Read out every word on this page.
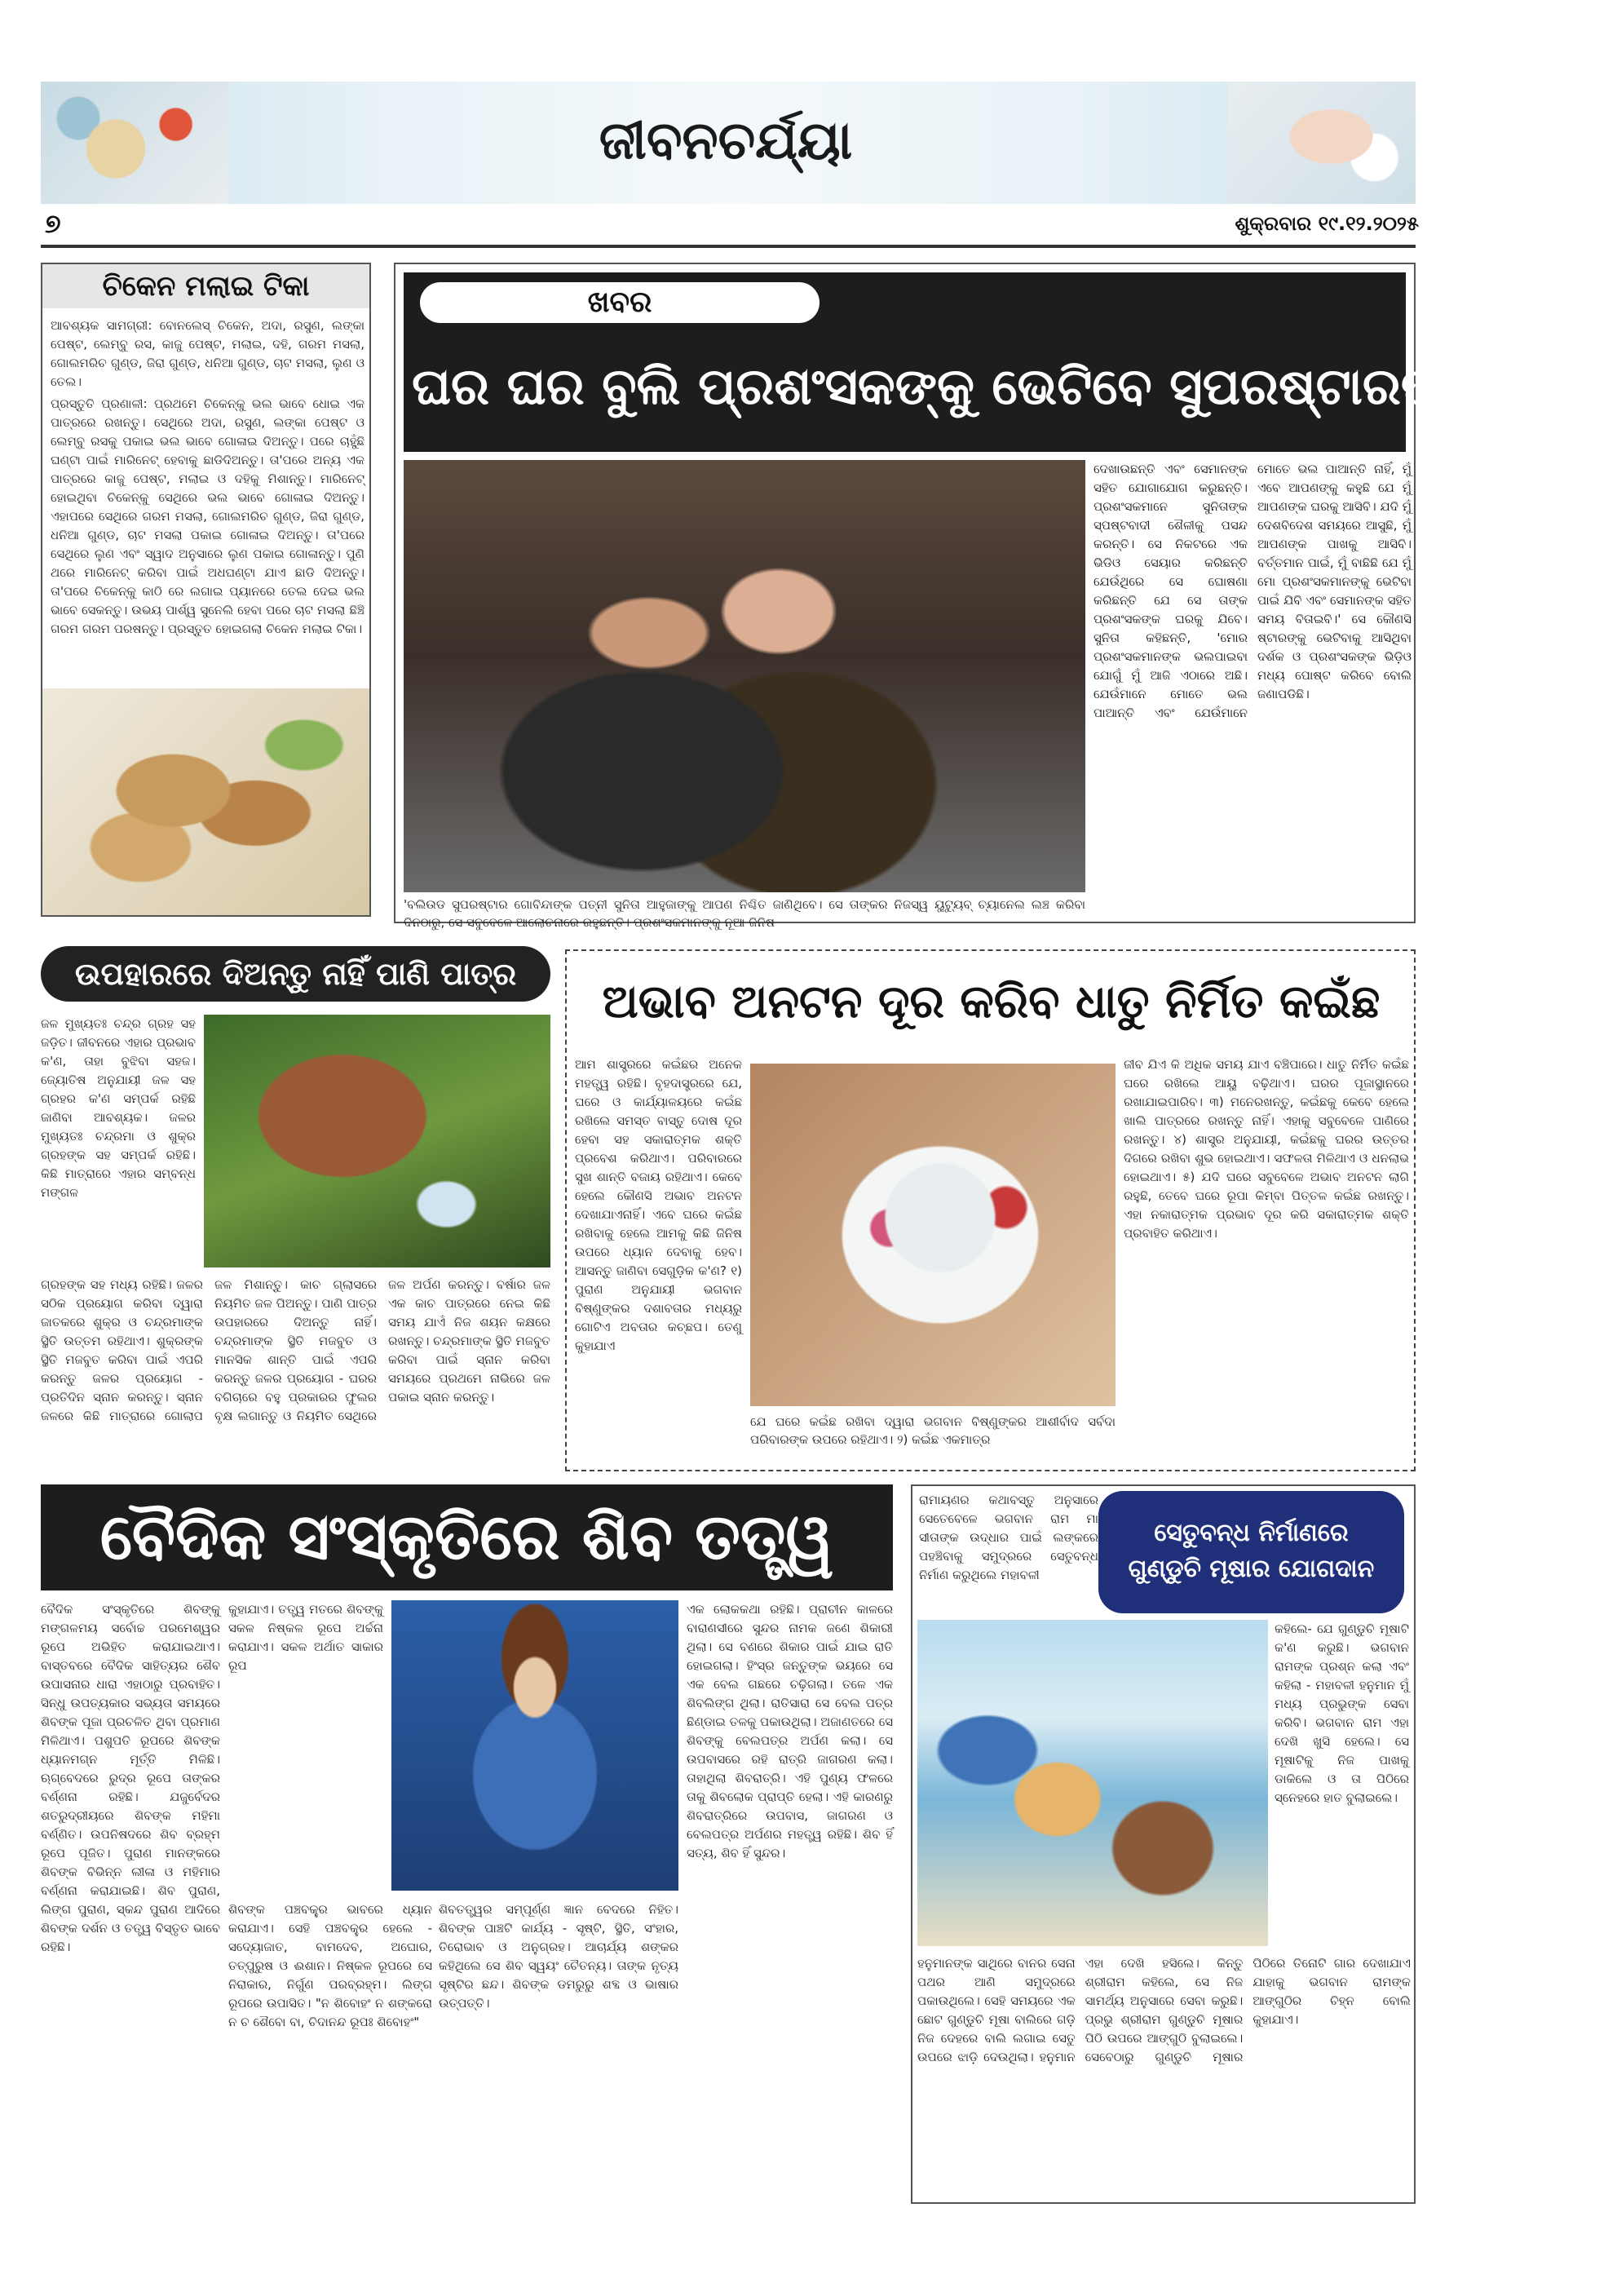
ଜୀବନଚର୍ଯ୍ୟା
୭	ଶୁକ୍ରବାର ୧୯.୧୨.୨୦୨୫
ଚିକେନ ମଲାଇ ଟିକା
ଆବଶ୍ୟକ ସାମଗ୍ରୀ: ବୋନଲେସ୍ ଚିକେନ, ଅଦା, ରସୁଣ, ଲଙ୍କା ପେଷ୍ଟ, ଲେମ୍ବୁ ରସ, କାଜୁ ପେଷ୍ଟ, ମଲାଇ, ଦହି, ଗରମ ମସଲା, ଗୋଲମରିଚ ଗୁଣ୍ଡ, ଜିରା ଗୁଣ୍ଡ, ଧନିଆ ଗୁଣ୍ଡ, ଚାଟ ମସଲା, ଲୁଣ ଓ ତେଲ।
ପ୍ରସ୍ତୁତି ପ୍ରଣାଳୀ: ପ୍ରଥମେ ଚିକେନ୍‌କୁ ଭଲ ଭାବେ ଧୋଇ ଏକ ପାତ୍ରରେ ରଖନ୍ତୁ। ସେଥିରେ ଅଦା, ରସୁଣ, ଲଙ୍କା ପେଷ୍ଟ ଓ ଲେମ୍ବୁ ରସକୁ ପକାଇ ଭଲ ଭାବେ ଗୋଳାଇ ଦିଅନ୍ତୁ। ପରେ ଚାହୁଁଛି ଘଣ୍ଟା ପାଇଁ ମାରିନେଟ୍ ହେବାକୁ ଛାଡିଦିଅନ୍ତୁ। ତା'ପରେ ଅନ୍ୟ ଏକ ପାତ୍ରରେ କାଜୁ ପେଷ୍ଟ, ମଲାଇ ଓ ଦହିକୁ ମିଶାନ୍ତୁ। ମାରିନେଟ୍ ହୋଇଥିବା ଚିକେନ୍‌କୁ ସେଥିରେ ଭଲ ଭାବେ ଗୋଳାଇ ଦିଅନ୍ତୁ। ଏହାପରେ ସେଥିରେ ଗରମ ମସଲା, ଗୋଲମରିଚ ଗୁଣ୍ଡ, ଜିରା ଗୁଣ୍ଡ, ଧନିଆ ଗୁଣ୍ଡ, ଚାଟ ମସଲା ପକାଇ ଗୋଳାଇ ଦିଅନ୍ତୁ। ତା'ପରେ ସେଥିରେ ଲୁଣ ଏବଂ ସ୍ୱାଦ ଅନୁସାରେ ଲୁଣ ପକାଇ ଗୋଳାନ୍ତୁ। ପୁଣି ଥରେ ମାରିନେଟ୍ କରିବା ପାଇଁ ଅଧଘଣ୍ଟା ଯାଏ ଛାଡି ଦିଅନ୍ତୁ। ତା'ପରେ ଚିକେନ୍‌କୁ କାଠି ରେ ଲଗାଇ ପ୍ୟାନରେ ତେଲ ଦେଇ ଭଲ ଭାବେ ସେକନ୍ତୁ। ଉଭୟ ପାର୍ଶ୍ୱ ସୁନେଲି ହେବା ପରେ ଚାଟ ମସଲା ଛିଞ୍ଚି ଗରମ ଗରମ ପରଷନ୍ତୁ। ପ୍ରସ୍ତୁତ ହୋଇଗଲା ଚିକେନ ମଲାଇ ଟିକା।
ଖବର
ଘର ଘର ବୁଲି ପ୍ରଶଂସକଙ୍କୁ ଭେଟିବେ ସୁପରଷ୍ଟାରଙ୍କ ପତ୍ନୀ
'ବଲିଉଡ ସୁପରଷ୍ଟାର ଗୋବିନ୍ଦାଙ୍କ ପତ୍ନୀ ସୁନିତା ଆହୁଜାଙ୍କୁ ଆପଣ ନିଶ୍ଚିତ ଜାଣିଥିବେ। ସେ ତାଙ୍କର ନିଜସ୍ୱ ୟୁଟ୍ୟୁବ୍ ଚ୍ୟାନେଲ ଲଞ୍ଚ କରିବା ଦିନଠାରୁ, ସେ ସବୁବେଳେ ଆଲୋଚନାରେ ରହୁଛନ୍ତି। ପ୍ରଶଂସକମାନଙ୍କୁ ନୂଆ ଜିନିଷ
ଦେଖାଉଛନ୍ତି ଏବଂ ସେମାନଙ୍କ ସହିତ ଯୋଗାଯୋଗ କରୁଛନ୍ତି। ପ୍ରଶଂସକମାନେ ସୁନିତାଙ୍କ ସ୍ପଷ୍ଟବାଦୀ ଶୈଳୀକୁ ପସନ୍ଦ କରନ୍ତି। ସେ ନିକଟରେ ଏକ ଭିଡିଓ ସେୟାର କରିଛନ୍ତି ଯେଉଁଥିରେ ସେ ଘୋଷଣା କରିଛନ୍ତି ଯେ ସେ ତାଙ୍କ ପ୍ରଶଂସକଙ୍କ ଘରକୁ ଯିବେ। ସୁନିତା କହିଛନ୍ତି, 'ମୋର ପ୍ରଶଂସକମାନଙ୍କ ଭଲପାଇବା ଯୋଗୁଁ ମୁଁ ଆଜି ଏଠାରେ ଅଛି। ଯେଉଁମାନେ ମୋତେ ଭଲ ପାଆନ୍ତି ଏବଂ ଯେଉଁମାନେ ମୋତେ ଭଲ ପାଆନ୍ତି ନାହିଁ, ମୁଁ ଏବେ ଆପଣଙ୍କୁ କହୁଛି ଯେ ମୁଁ ଆପଣଙ୍କ ଘରକୁ ଆସିବି। ଯଦି ମୁଁ ଦେଶବିଦେଶ ସମୟରେ ଆସୁଛି, ମୁଁ ଆପଣଙ୍କ ପାଖକୁ ଆସିବି। ବର୍ତ୍ତମାନ ପାଇଁ, ମୁଁ ବାଛିଛି ଯେ ମୁଁ ମୋ ପ୍ରଶଂସକମାନଙ୍କୁ ଭେଟିବା ପାଇଁ ଯିବି ଏବଂ ସେମାନଙ୍କ ସହିତ ସମୟ ବିତାଇବି।' ସେ କୌଣସି ଷ୍ଟାରଙ୍କୁ ଭେଟିବାକୁ ଆସିଥିବା ଦର୍ଶକ ଓ ପ୍ରଶଂସକଙ୍କ ଭିଡ଼ିଓ ମଧ୍ୟ ପୋଷ୍ଟ କରିବେ ବୋଲି ଜଣାପଡିଛି।
ଉପହାରରେ ଦିଅନ୍ତୁ ନାହିଁ ପାଣି ପାତ୍ର
ଜଳ ମୁଖ୍ୟତଃ ଚନ୍ଦ୍ର ଗ୍ରହ ସହ ଜଡ଼ିତ। ଜୀବନରେ ଏହାର ପ୍ରଭାବ କ'ଣ, ତାହା ବୁଝିବା ସହଜ। ଜ୍ୟୋତିଷ ଅନୁଯାୟୀ ଜଳ ସହ ଗ୍ରହର କ'ଣ ସମ୍ପର୍କ ରହିଛି ଜାଣିବା ଆବଶ୍ୟକ। ଜଳର ମୁଖ୍ୟତଃ ଚନ୍ଦ୍ରମା ଓ ଶୁକ୍ର ଗ୍ରହଙ୍କ ସହ ସମ୍ପର୍କ ରହିଛି। କିଛି ମାତ୍ରାରେ ଏହାର ସମ୍ବନ୍ଧ ମଙ୍ଗଳ
ଗ୍ରହଙ୍କ ସହ ମଧ୍ୟ ରହିଛି। ଜଳର ସଠିକ ପ୍ରୟୋଗ କରିବା ଦ୍ୱାରା ଜାତକରେ ଶୁକ୍ର ଓ ଚନ୍ଦ୍ରମାଙ୍କ ସ୍ଥିତି ଉତ୍ତମ ରହିଥାଏ। ଶୁକ୍ରଙ୍କ ସ୍ଥିତି ମଜବୁତ କରିବା ପାଇଁ ଏପରି କରନ୍ତୁ ଜଳର ପ୍ରୟୋଗ - ପ୍ରତିଦିନ ସ୍ନାନ କରନ୍ତୁ। ସ୍ନାନ ଜଳରେ କିଛି ମାତ୍ରାରେ ଗୋଲାପ ଜଳ ମିଶାନ୍ତୁ। କାଚ ଗ୍ଲାସରେ ନିୟମିତ ଜଳ ପିଅନ୍ତୁ। ପାଣି ପାତ୍ର ଉପହାରରେ ଦିଅନ୍ତୁ ନାହିଁ। ଚନ୍ଦ୍ରମାଙ୍କ ସ୍ଥିତି ମଜବୁତ ଓ ମାନସିକ ଶାନ୍ତି ପାଇଁ ଏପରି କରନ୍ତୁ ଜଳର ପ୍ରୟୋଗ - ଘରର ବଗିଚାରେ ବହୁ ପ୍ରକାରର ଫୁଲର ବୃକ୍ଷ ଲଗାନ୍ତୁ ଓ ନିୟମିତ ସେଥିରେ ଜଳ ଅର୍ପଣ କରନ୍ତୁ। ବର୍ଷାର ଜଳ ଏକ କାଚ ପାତ୍ରରେ ନେଇ କିଛି ସମୟ ଯାଏଁ ନିଜ ଶୟନ କକ୍ଷରେ ରଖନ୍ତୁ। ଚନ୍ଦ୍ରମାଙ୍କ ସ୍ଥିତି ମଜବୁତ କରିବା ପାଇଁ ସ୍ନାନ କରିବା ସମୟରେ ପ୍ରଥମେ ନାଭିରେ ଜଳ ପକାଇ ସ୍ନାନ କରନ୍ତୁ।
ଅଭାବ ଅନଟନ ଦୂର କରିବ ଧାତୁ ନିର୍ମିତ କଇଁଛ
ଆମ ଶାସ୍ତ୍ରରେ କଇଁଛର ଅନେକ ମହତ୍ତ୍ୱ ରହିଛି। ବୃହଦାସ୍ତ୍ରରେ ଯେ, ଘରେ ଓ କାର୍ଯ୍ୟାଳୟରେ କଇଁଛ ରଖିଲେ ସମସ୍ତ ବାସ୍ତୁ ଦୋଷ ଦୂର ହେବା ସହ ସକାରାତ୍ମକ ଶକ୍ତି ପ୍ରବେଶ କରିଥାଏ। ପରିବାରରେ ସୁଖ ଶାନ୍ତି ବଜାୟ ରହିଥାଏ। କେବେ ହେଲେ କୌଣସି ଅଭାବ ଅନଟନ ଦେଖାଯାଏନାହିଁ। ଏବେ ଘରେ କଇଁଛ ରଖିବାକୁ ହେଲେ ଆମକୁ କିଛି ଜିନିଷ ଉପରେ ଧ୍ୟାନ ଦେବାକୁ ହେବ। ଆସନ୍ତୁ ଜାଣିବା ସେଗୁଡ଼ିକ କ'ଣ? ୧) ପୁରାଣ ଅନୁଯାୟୀ ଭଗବାନ ବିଷ୍ଣୁଙ୍କର ଦଶାବତାର ମଧ୍ୟରୁ ଗୋଟିଏ ଅବତାର କଚ୍ଛପ। ତେଣୁ କୁହାଯାଏ
ଯେ ଘରେ କଇଁଛ ରଖିବା ଦ୍ୱାରା ଭଗବାନ ବିଷ୍ଣୁଙ୍କର ଆଶୀର୍ବାଦ ସର୍ବଦା ପରିବାରଙ୍କ ଉପରେ ରହିଥାଏ। ୨) କଇଁଛ ଏକମାତ୍ର
ଜୀବ ଯିଏ କି ଅଧିକ ସମୟ ଯାଏ ବଞ୍ଚିପାରେ। ଧାତୁ ନିର୍ମିତ କଇଁଛ ଘରେ ରଖିଲେ ଆୟୁ ବଢ଼ିଥାଏ। ଘରର ପୂଜାସ୍ଥାନରେ ରଖାଯାଇପାରିବ। ୩) ମନେରଖନ୍ତୁ, କଇଁଛକୁ କେବେ ହେଲେ ଖାଲି ପାତ୍ରରେ ରଖନ୍ତୁ ନାହିଁ। ଏହାକୁ ସବୁବେଳେ ପାଣିରେ ରଖନ୍ତୁ। ୪) ଶାସ୍ତ୍ର ଅନୁଯାୟୀ, କଇଁଛକୁ ଘରର ଉତ୍ତର ଦିଗରେ ରଖିବା ଶୁଭ ହୋଇଥାଏ। ସଫଳତା ମିଳିଥାଏ ଓ ଧନଲାଭ ହୋଇଥାଏ। ୫) ଯଦି ଘରେ ସବୁବେଳେ ଅଭାବ ଅନଟନ ଲାଗି ରହୁଛି, ତେବେ ଘରେ ରୂପା କିମ୍ବା ପିତ୍ତଳ କଇଁଛ ରଖନ୍ତୁ। ଏହା ନକାରାତ୍ମକ ପ୍ରଭାବ ଦୂର କରି ସକାରାତ୍ମକ ଶକ୍ତି ପ୍ରବାହିତ କରିଥାଏ।
ବୈଦିକ ସଂସ୍କୃତିରେ ଶିବ ତତ୍ତ୍ୱ
ବୈଦିକ ସଂସ୍କୃତିରେ ଶିବଙ୍କୁ ମଙ୍ଗଳମୟ ସର୍ବୋଚ୍ଚ ପରମେଶ୍ୱର ରୂପେ ଅଭିହିତ କରାଯାଇଥାଏ। ବାସ୍ତବରେ ବୈଦିକ ସାହିତ୍ୟର ଶୈବ ଉପାସନାର ଧାରା ଏହାଠାରୁ ପ୍ରବାହିତ। ସିନ୍ଧୁ ଉପତ୍ୟକାର ସଭ୍ୟତା ସମୟରେ ଶିବଙ୍କ ପୂଜା ପ୍ରଚଳିତ ଥିବା ପ୍ରମାଣ ମିଳିଥାଏ। ପଶୁପତି ରୂପରେ ଶିବଙ୍କ ଧ୍ୟାନମଗ୍ନ ମୂର୍ତ୍ତି ମିଳିଛି। ଋଗ୍‌ବେଦରେ ରୁଦ୍ର ରୂପେ ତାଙ୍କର ବର୍ଣ୍ଣନା ରହିଛି। ଯଜୁର୍ବେଦର ଶତରୁଦ୍ରୀୟରେ ଶିବଙ୍କ ମହିମା ବର୍ଣ୍ଣିତ। ଉପନିଷଦରେ ଶିବ ବ୍ରହ୍ମ ରୂପେ ପୂଜିତ। ପୁରାଣ ମାନଙ୍କରେ ଶିବଙ୍କ ବିଭିନ୍ନ ଲୀଳା ଓ ମହିମାର ବର୍ଣ୍ଣନା କରାଯାଇଛି। ଶିବ ପୁରାଣ, ଲିଙ୍ଗ ପୁରାଣ, ସ୍କନ୍ଦ ପୁରାଣ ଆଦିରେ ଶିବଙ୍କ ଦର୍ଶନ ଓ ତତ୍ତ୍ୱ ବିସ୍ତୃତ ଭାବେ ରହିଛି।
କୁହାଯାଏ। ତତ୍ତ୍ୱ ମତରେ ଶିବଙ୍କୁ ସକଳ ନିଷ୍କଳ ରୂପେ ଅର୍ଚ୍ଚନା କରାଯାଏ। ସକଳ ଅର୍ଥାତ ସାକାର ରୂପ
ଶିବଙ୍କ ପଞ୍ଚବକ୍ତ୍ର ଭାବରେ ଧ୍ୟାନ କରାଯାଏ। ସେହି ପଞ୍ଚବକ୍ତ୍ର ହେଲେ - ସଦ୍ୟୋଜାତ, ବାମଦେବ, ଅଘୋର, ତତ୍ପୁରୁଷ ଓ ଈଶାନ। ନିଷ୍କଳ ରୂପରେ ସେ ନିରାକାର, ନିର୍ଗୁଣ ପରବ୍ରହ୍ମ। ଲିଙ୍ଗ ରୂପରେ ଉପାସିତ। "ନ ଶିବୋହଂ ନ ଶଙ୍କରୋ ନ ଚ ଶୈବୋ ବା, ଚିଦାନନ୍ଦ ରୂପଃ ଶିବୋହଂ"
ଶିବତତ୍ତ୍ୱର ସମ୍ପୂର୍ଣ୍ଣ ଜ୍ଞାନ ବେଦରେ ନିହିତ। ଶିବଙ୍କ ପାଞ୍ଚଟି କାର୍ଯ୍ୟ - ସୃଷ୍ଟି, ସ୍ଥିତି, ସଂହାର, ତିରୋଭାବ ଓ ଅନୁଗ୍ରହ। ଆଚାର୍ଯ୍ୟ ଶଙ୍କର କହିଥିଲେ ସେ ଶିବ ସ୍ୱୟଂ ଚୈତନ୍ୟ। ତାଙ୍କ ନୃତ୍ୟ ସୃଷ୍ଟିର ଛନ୍ଦ। ଶିବଙ୍କ ଡମରୁରୁ ଶବ୍ଦ ଓ ଭାଷାର ଉତ୍ପତ୍ତି।
ଏକ ଲୋକକଥା ରହିଛି। ପ୍ରାଚୀନ କାଳରେ ବାରାଣସୀରେ ସୁନ୍ଦର ନାମକ ଜଣେ ଶିକାରୀ ଥିଲା। ସେ ବଣରେ ଶିକାର ପାଇଁ ଯାଇ ରାତି ହୋଇଗଲା। ହିଂସ୍ର ଜନ୍ତୁଙ୍କ ଭୟରେ ସେ ଏକ ବେଲ ଗଛରେ ଚଢ଼ିଗଲା। ତଳେ ଏକ ଶିବଲିଙ୍ଗ ଥିଲା। ରାତିସାରା ସେ ବେଲ ପତ୍ର ଛିଣ୍ଡାଇ ତଳକୁ ପକାଉଥିଲା। ଅଜାଣତରେ ସେ ଶିବଙ୍କୁ ବେଲପତ୍ର ଅର୍ପଣ କଲା। ସେ ଉପବାସରେ ରହି ରାତ୍ରି ଜାଗରଣ କଲା। ତାହାଥିଲା ଶିବରାତ୍ରି। ଏହି ପୁଣ୍ୟ ଫଳରେ ତାକୁ ଶିବଲୋକ ପ୍ରାପ୍ତି ହେଲା। ଏହି କାରଣରୁ ଶିବରାତ୍ରିରେ ଉପବାସ, ଜାଗରଣ ଓ ବେଲପତ୍ର ଅର୍ପଣର ମହତ୍ତ୍ୱ ରହିଛି। ଶିବ ହିଁ ସତ୍ୟ, ଶିବ ହିଁ ସୁନ୍ଦର।
ରାମାୟଣର କଥାବସ୍ତୁ ଅନୁସାରେ ସେତେବେଳେ ଭଗବାନ ରାମ ମା ସୀତାଙ୍କ ଉଦ୍ଧାର ପାଇଁ ଲଙ୍କରେ ପହଞ୍ଚିବାକୁ ସମୁଦ୍ରରେ ସେତୁବନ୍ଧ ନିର୍ମାଣ କରୁଥିଲେ ମହାବଳୀ
ସେତୁବନ୍ଧ ନିର୍ମାଣରେ
ଗୁଣ୍ଡୁଚି ମୂଷାର ଯୋଗଦାନ
କହିଲେ- ଯେ ଗୁଣ୍ଡୁଚି ମୂଷାଟି କ'ଣ କରୁଛି। ଭଗବାନ ରାମଙ୍କ ପ୍ରଶ୍ନ କଲା ଏବଂ କହିଲା - ମହାବଳୀ ହନୁମାନ ମୁଁ ମଧ୍ୟ ପ୍ରଭୁଙ୍କ ସେବା କରିବି। ଭଗବାନ ରାମ ଏହା ଦେଖି ଖୁସି ହେଲେ। ସେ ମୂଷାଟିକୁ ନିଜ ପାଖକୁ ଡାକିଲେ ଓ ତା ପିଠିରେ ସ୍ନେହରେ ହାତ ବୁଲାଇଲେ।
ହନୁମାନଙ୍କ ସାଥିରେ ବାନର ସେନା ପଥର ଆଣି ସମୁଦ୍ରରେ ପକାଉଥିଲେ। ସେହି ସମୟରେ ଏକ ଛୋଟ ଗୁଣ୍ଡୁଚି ମୂଷା ବାଲିରେ ଗଡ଼ି ନିଜ ଦେହରେ ବାଲି ଲଗାଇ ସେତୁ ଉପରେ ଝାଡ଼ି ଦେଉଥିଲା। ହନୁମାନ ଏହା ଦେଖି ହସିଲେ। କିନ୍ତୁ ଶ୍ରୀରାମ କହିଲେ, ସେ ନିଜ ସାମର୍ଥ୍ୟ ଅନୁସାରେ ସେବା କରୁଛି। ପ୍ରଭୁ ଶ୍ରୀରାମ ଗୁଣ୍ଡୁଚି ମୂଷାର ପିଠି ଉପରେ ଆଙ୍ଗୁଠି ବୁଲାଇଲେ। ସେବେଠାରୁ ଗୁଣ୍ଡୁଚି ମୂଷାର ପିଠିରେ ତିନୋଟି ଗାର ଦେଖାଯାଏ ଯାହାକୁ ଭଗବାନ ରାମଙ୍କ ଆଙ୍ଗୁଠିର ଚିହ୍ନ ବୋଲି କୁହାଯାଏ।
